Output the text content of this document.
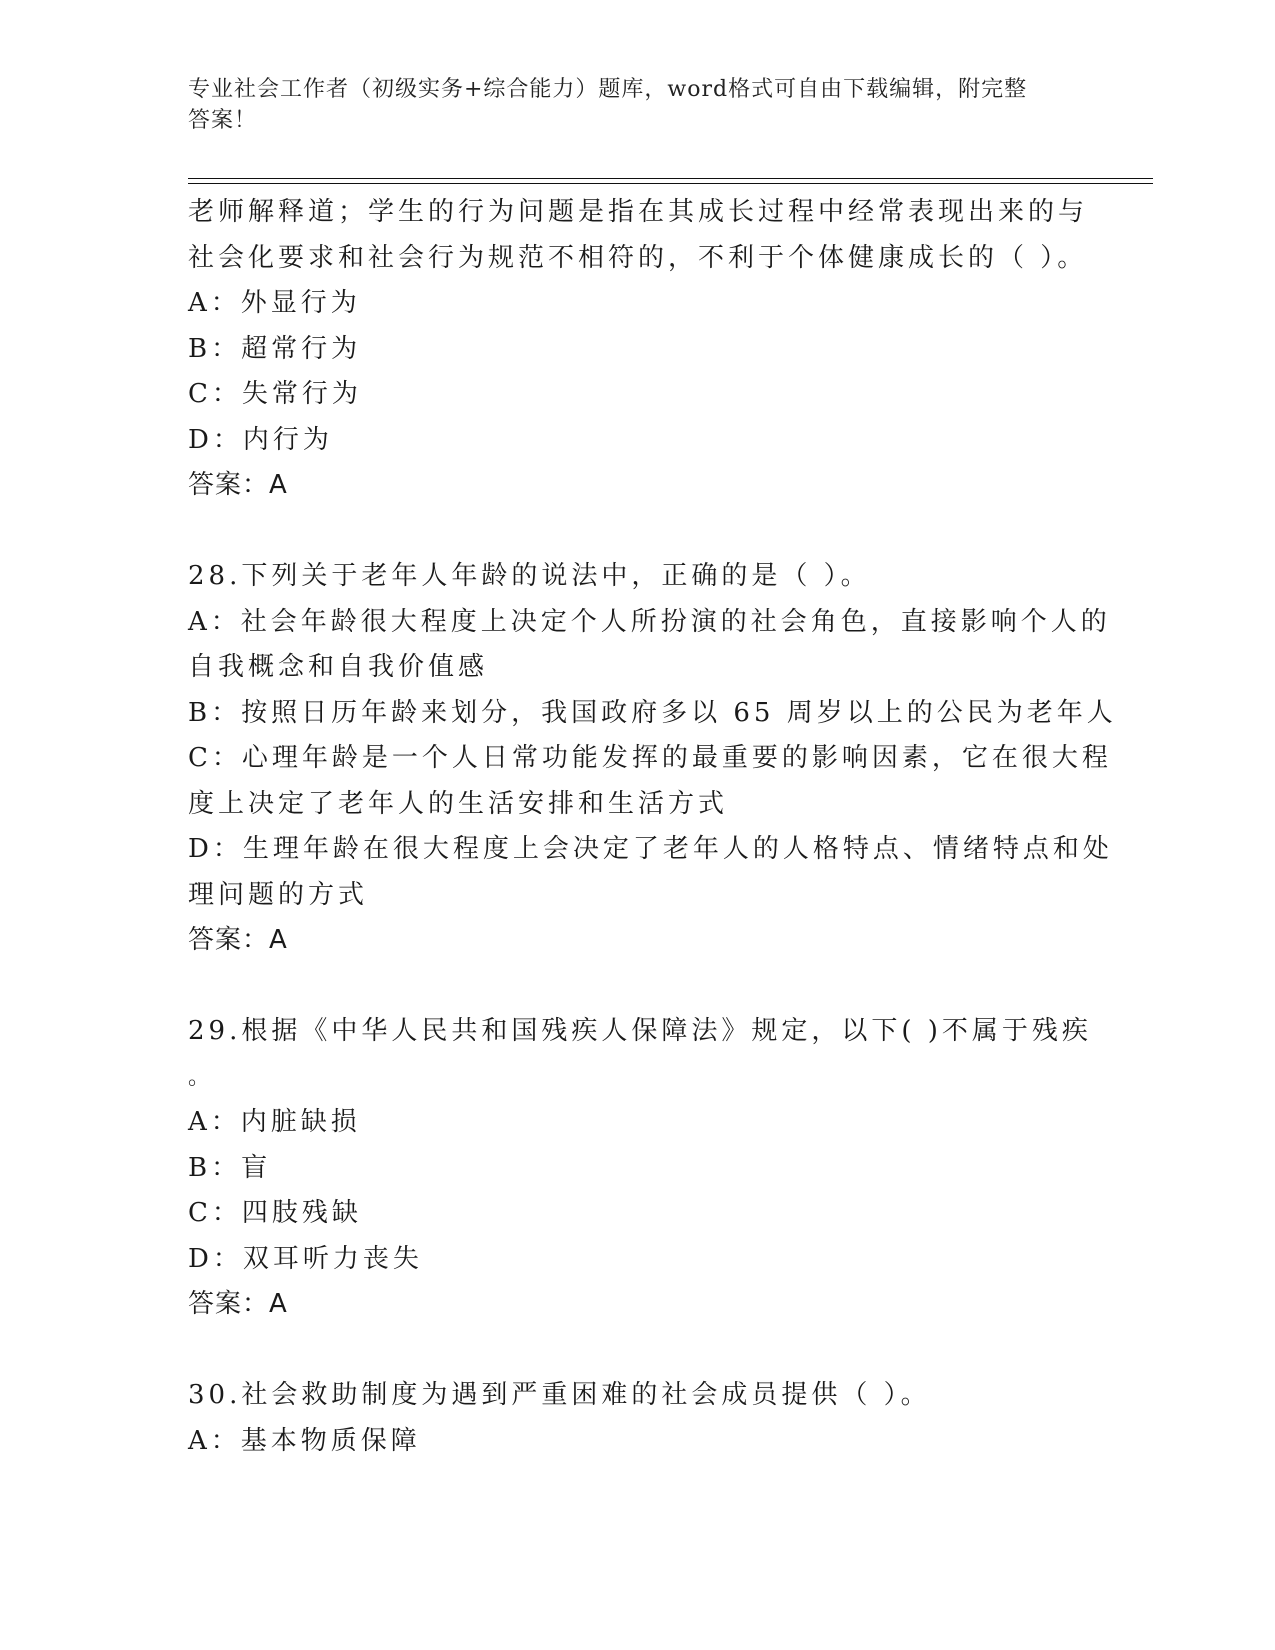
专业社会工作者（初级实务+综合能力）题库，word格式可自由下载编辑，附完整
答案！
老师解释道；学生的行为问题是指在其成长过程中经常表现出来的与
社会化要求和社会行为规范不相符的，不利于个体健康成长的（ ）。
A：外显行为
B：超常行为
C：失常行为
D：内行为
答案：A
28.下列关于老年人年龄的说法中，正确的是（ ）。
A：社会年龄很大程度上决定个人所扮演的社会角色，直接影响个人的
自我概念和自我价值感
B：按照日历年龄来划分，我国政府多以 65 周岁以上的公民为老年人
C：心理年龄是一个人日常功能发挥的最重要的影响因素，它在很大程
度上决定了老年人的生活安排和生活方式
D：生理年龄在很大程度上会决定了老年人的人格特点、情绪特点和处
理问题的方式
答案：A
29.根据《中华人民共和国残疾人保障法》规定，以下( )不属于残疾
。
A：内脏缺损
B：盲
C：四肢残缺
D：双耳听力丧失
答案：A
30.社会救助制度为遇到严重困难的社会成员提供（ ）。
A：基本物质保障
